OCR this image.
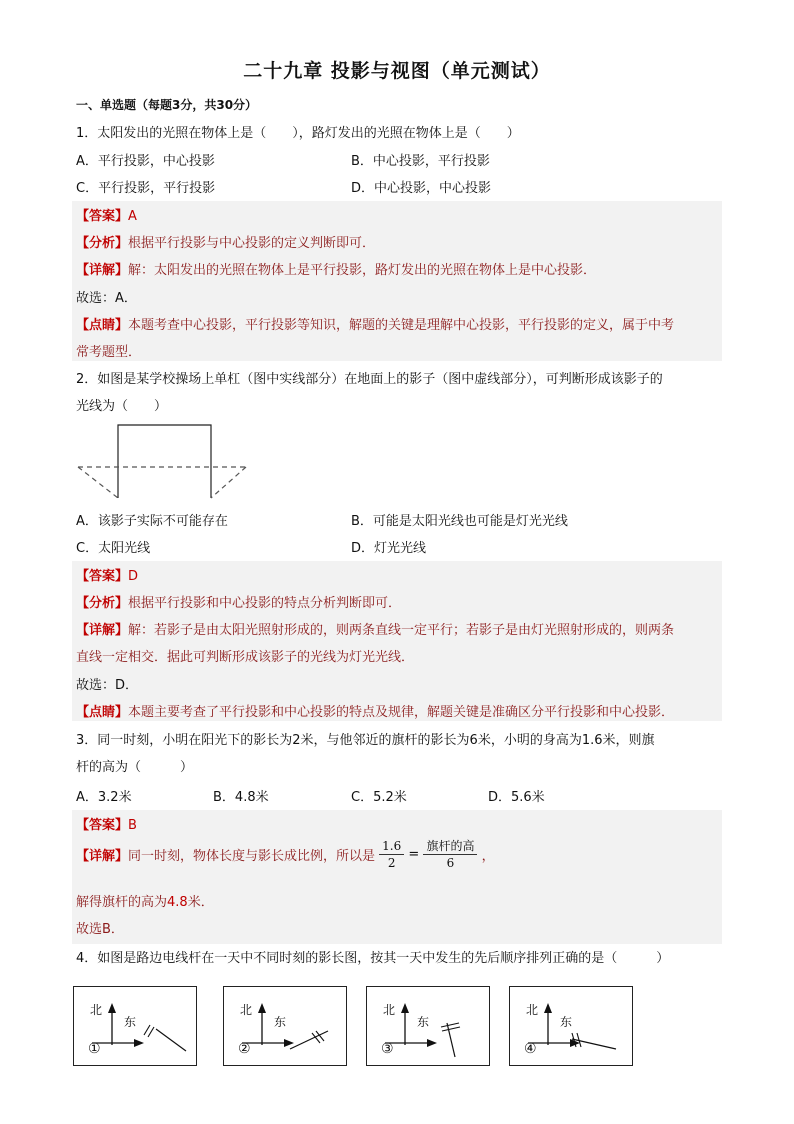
二十九章 投影与视图（单元测试）
一、单选题（每题3分，共30分）
1．太阳发出的光照在物体上是（　　），路灯发出的光照在物体上是（　　）
A．平行投影，中心投影	B．中心投影，平行投影
C．平行投影，平行投影	D．中心投影，中心投影
【答案】A
【分析】根据平行投影与中心投影的定义判断即可．
【详解】解：太阳发出的光照在物体上是平行投影，路灯发出的光照在物体上是中心投影．
故选：A．
【点睛】本题考查中心投影，平行投影等知识，解题的关键是理解中心投影，平行投影的定义，属于中考
常考题型．
2．如图是某学校操场上单杠（图中实线部分）在地面上的影子（图中虚线部分），可判断形成该影子的
光线为（　　）
A．该影子实际不可能存在	B．可能是太阳光线也可能是灯光光线
C．太阳光线	D．灯光光线
【答案】D
【分析】根据平行投影和中心投影的特点分析判断即可．
【详解】解：若影子是由太阳光照射形成的，则两条直线一定平行；若影子是由灯光照射形成的，则两条
直线一定相交．据此可判断形成该影子的光线为灯光光线．
故选：D．
【点睛】本题主要考查了平行投影和中心投影的特点及规律，解题关键是准确区分平行投影和中心投影．
3．同一时刻，小明在阳光下的影长为2米，与他邻近的旗杆的影长为6米，小明的身高为1.6米，则旗
杆的高为（　　　）
A．3.2米	B．4.8米	C．5.2米	D．5.6米
【答案】B
【详解】同一时刻，物体长度与影长成比例，所以是 $\frac{1.6}{2} = \frac{\text{旗杆的高}}{6}$ ，
解得旗杆的高为4.8米．
故选B．
4．如图是路边电线杆在一天中不同时刻的影长图，按其一天中发生的先后顺序排列正确的是（　　　）
北
东
①
北
东
②
北
东
③
北
东
④
